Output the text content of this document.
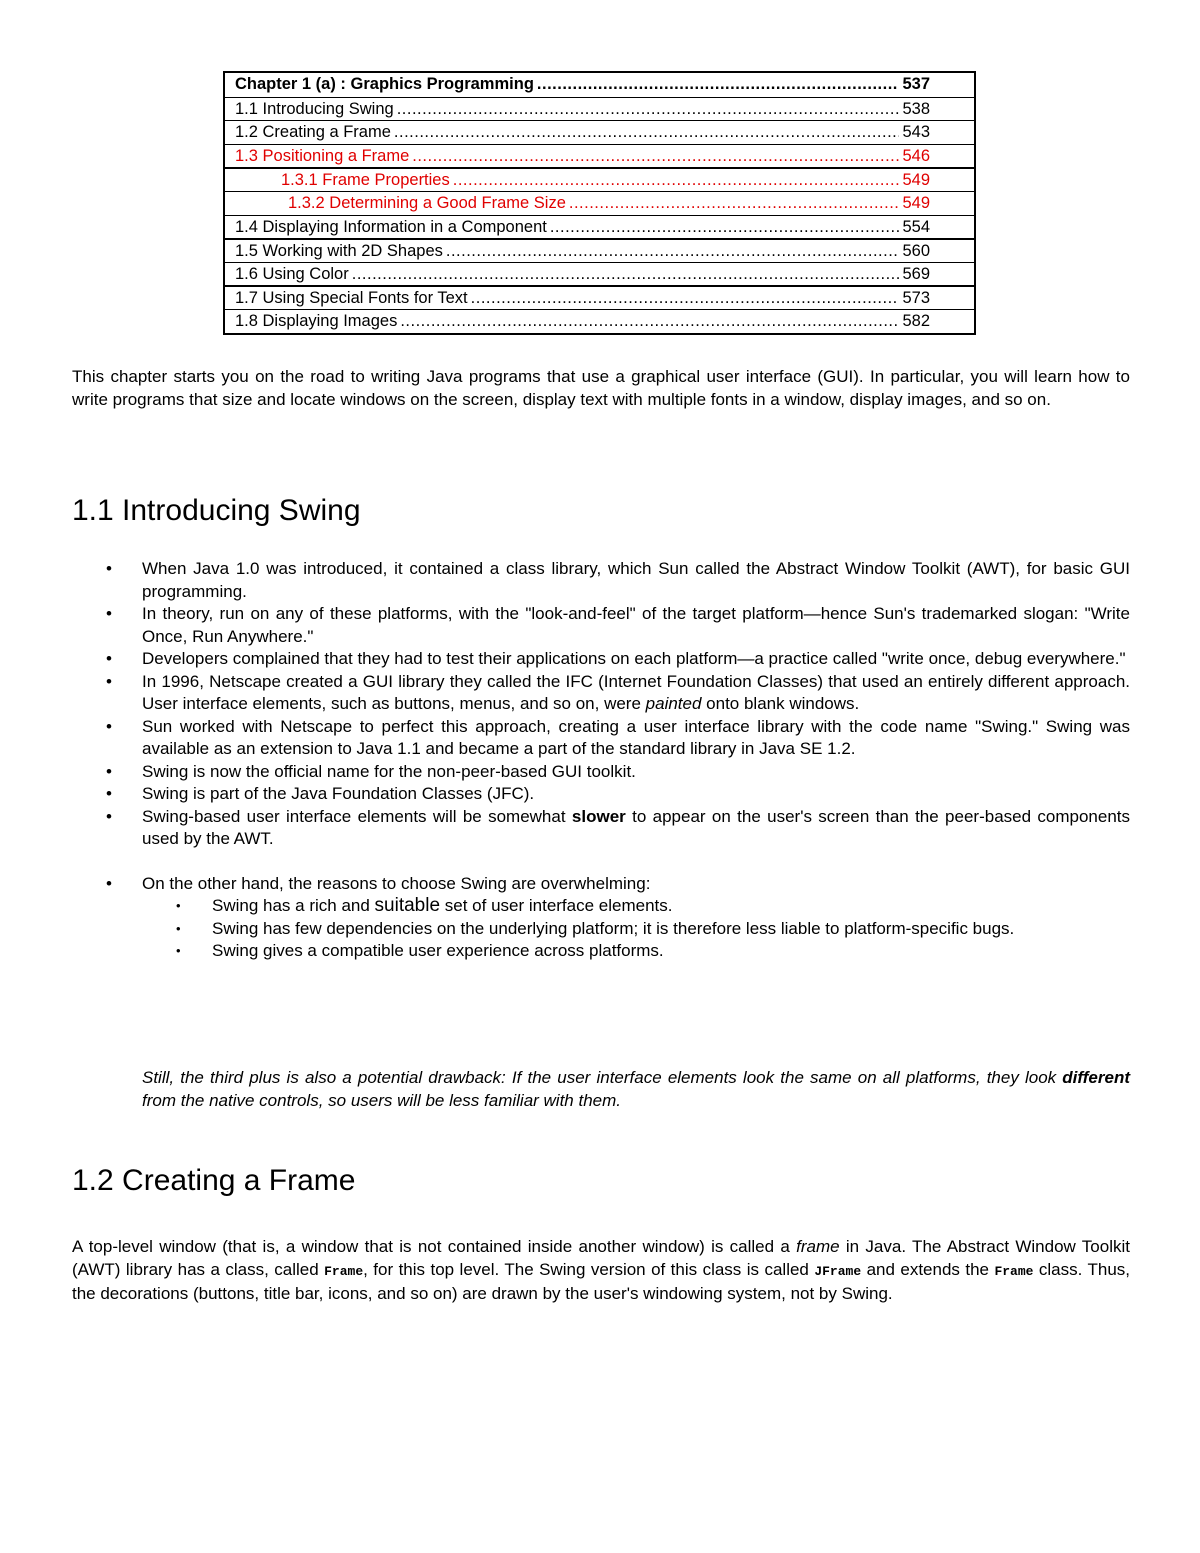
Chapter 1 (a) : Graphics Programming .....	537
1.1 Introducing Swing .....	538
1.2 Creating a Frame .....	543
1.3 Positioning a Frame .....	546
1.3.1 Frame Properties .....	549
1.3.2 Determining a Good Frame Size .....	549
1.4 Displaying Information in a Component .....	554
1.5 Working with 2D Shapes .....	560
1.6 Using Color .....	569
1.7 Using Special Fonts for Text .....	573
1.8 Displaying Images .....	582

This chapter starts you on the road to writing Java programs that use a graphical user interface (GUI). In particular, you will learn how to write programs that size and locate windows on the screen, display text with multiple fonts in a window, display images, and so on.

1.1 Introducing Swing
• When Java 1.0 was introduced, it contained a class library, which Sun called the Abstract Window Toolkit (AWT), for basic GUI programming.
• In theory, run on any of these platforms, with the "look-and-feel" of the target platform—hence Sun's trademarked slogan: "Write Once, Run Anywhere."
• Developers complained that they had to test their applications on each platform—a practice called "write once, debug everywhere."
• In 1996, Netscape created a GUI library they called the IFC (Internet Foundation Classes) that used an entirely different approach. User interface elements, such as buttons, menus, and so on, were painted onto blank windows.
• Sun worked with Netscape to perfect this approach, creating a user interface library with the code name "Swing." Swing was available as an extension to Java 1.1 and became a part of the standard library in Java SE 1.2.
• Swing is now the official name for the non-peer-based GUI toolkit.
• Swing is part of the Java Foundation Classes (JFC).
• Swing-based user interface elements will be somewhat slower to appear on the user's screen than the peer-based components used by the AWT.
• On the other hand, the reasons to choose Swing are overwhelming:
• Swing has a rich and suitable set of user interface elements.
• Swing has few dependencies on the underlying platform; it is therefore less liable to platform-specific bugs.
• Swing gives a compatible user experience across platforms.

Still, the third plus is also a potential drawback: If the user interface elements look the same on all platforms, they look different from the native controls, so users will be less familiar with them.

1.2 Creating a Frame

A top-level window (that is, a window that is not contained inside another window) is called a frame in Java. The Abstract Window Toolkit (AWT) library has a class, called Frame, for this top level. The Swing version of this class is called JFrame and extends the Frame class. Thus, the decorations (buttons, title bar, icons, and so on) are drawn by the user's windowing system, not by Swing.
